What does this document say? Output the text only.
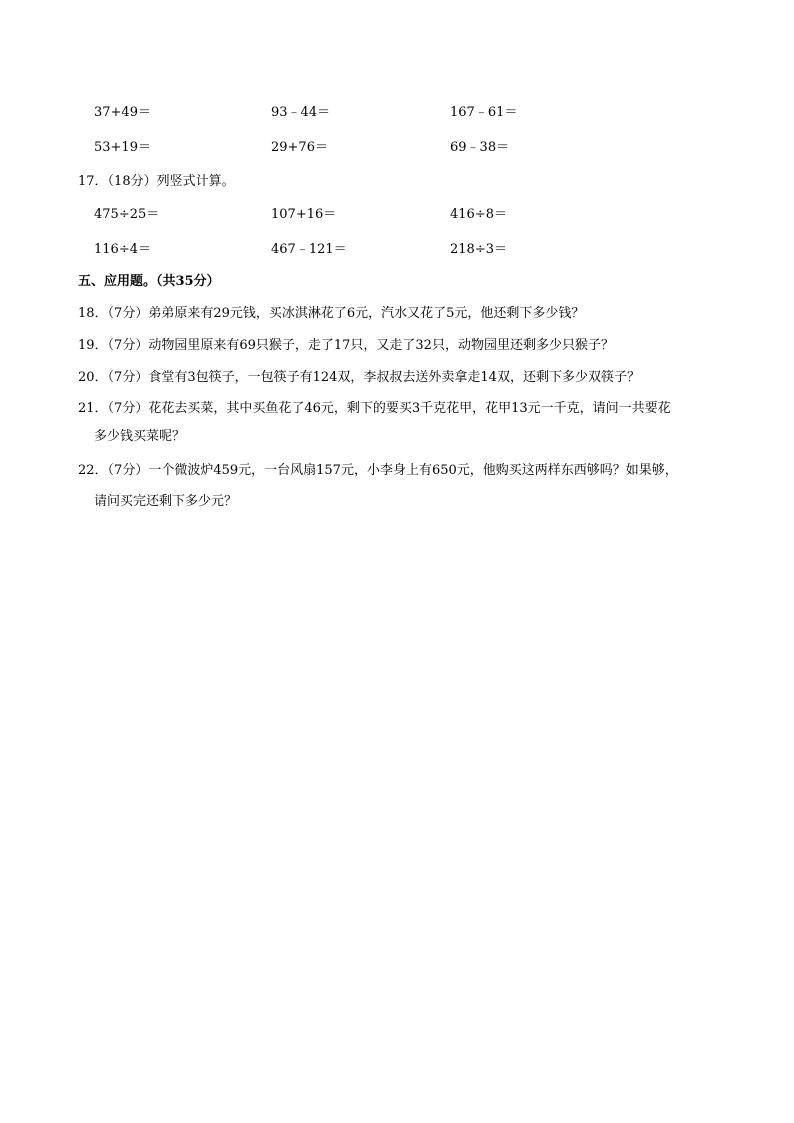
37+49＝	93﹣44＝	167﹣61＝
53+19＝	29+76＝	69﹣38＝
17．（18分）列竖式计算。
475÷25＝	107+16＝	416÷8＝
116÷4＝	467﹣121＝	218÷3＝
五、应用题。（共35分）
18．（7分）弟弟原来有29元钱，买冰淇淋花了6元，汽水又花了5元，他还剩下多少钱？
19．（7分）动物园里原来有69只猴子，走了17只，又走了32只，动物园里还剩多少只猴子？
20．（7分）食堂有3包筷子，一包筷子有124双，李叔叔去送外卖拿走14双，还剩下多少双筷子？
21．（7分）花花去买菜，其中买鱼花了46元，剩下的要买3千克花甲，花甲13元一千克，请问一共要花
多少钱买菜呢？
22．（7分）一个微波炉459元，一台风扇157元，小李身上有650元，他购买这两样东西够吗？如果够，
请问买完还剩下多少元？
